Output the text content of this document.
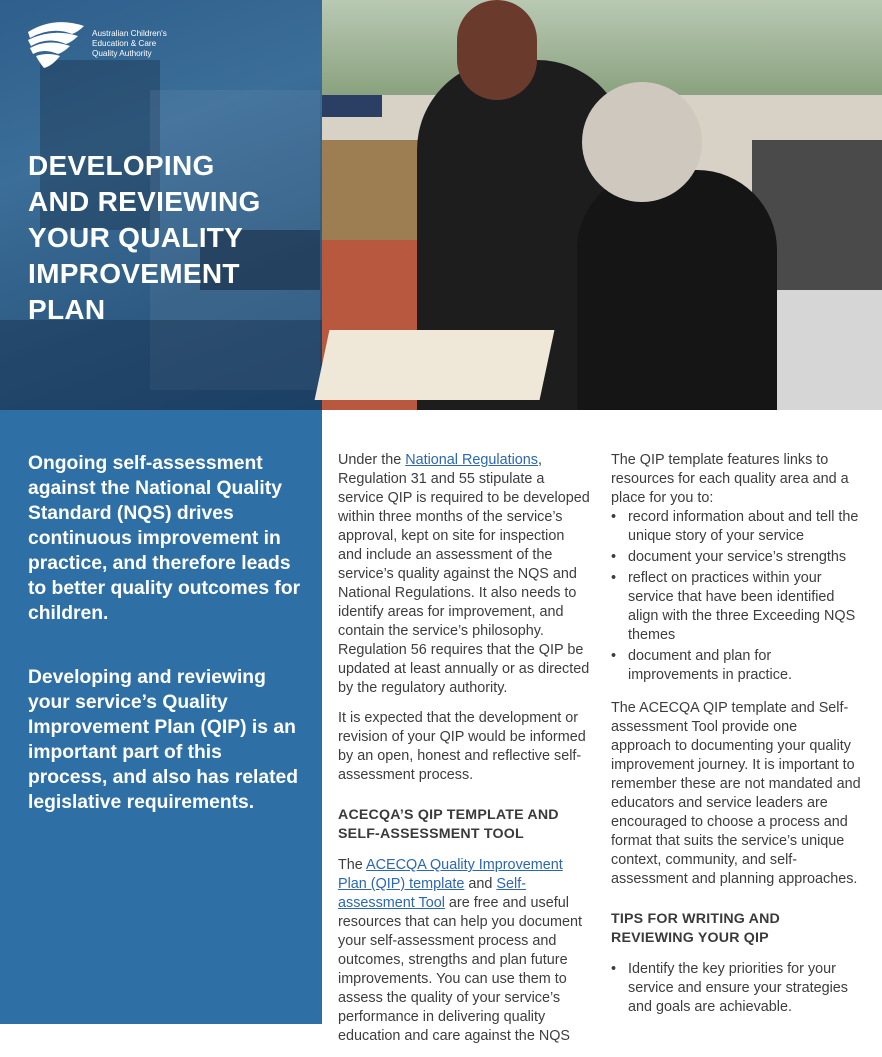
Australian Children's
Education & Care
Quality Authority
DEVELOPING
AND REVIEWING
YOUR QUALITY
IMPROVEMENT
PLAN
Ongoing self-assessment against the National Quality Standard (NQS) drives continuous improvement in practice, and therefore leads to better quality outcomes for children.
Developing and reviewing your service’s Quality Improvement Plan (QIP) is an important part of this process, and also has related legislative requirements.

Under the National Regulations, Regulation 31 and 55 stipulate a service QIP is required to be developed within three months of the service’s approval, kept on site for inspection and include an assessment of the service’s quality against the NQS and National Regulations. It also needs to identify areas for improvement, and contain the service’s philosophy. Regulation 56 requires that the QIP be updated at least annually or as directed by the regulatory authority.

It is expected that the development or revision of your QIP would be informed by an open, honest and reflective self-assessment process.

ACECQA’S QIP TEMPLATE AND SELF-ASSESSMENT TOOL

The ACECQA Quality Improvement Plan (QIP) template and Self-assessment Tool are free and useful resources that can help you document your self-assessment process and outcomes, strengths and plan future improvements. You can use them to assess the quality of your service’s performance in delivering quality education and care against the NQS

The QIP template features links to resources for each quality area and a place for you to:

• record information about and tell the unique story of your service
• document your service’s strengths
• reflect on practices within your service that have been identified align with the three Exceeding NQS themes
• document and plan for improvements in practice.

The ACECQA QIP template and Self-assessment Tool provide one approach to documenting your quality improvement journey. It is important to remember these are not mandated and educators and service leaders are encouraged to choose a process and format that suits the service’s unique context, community, and self-assessment and planning approaches.

TIPS FOR WRITING AND REVIEWING YOUR QIP
• Identify the key priorities for your service and ensure your strategies and goals are achievable.
